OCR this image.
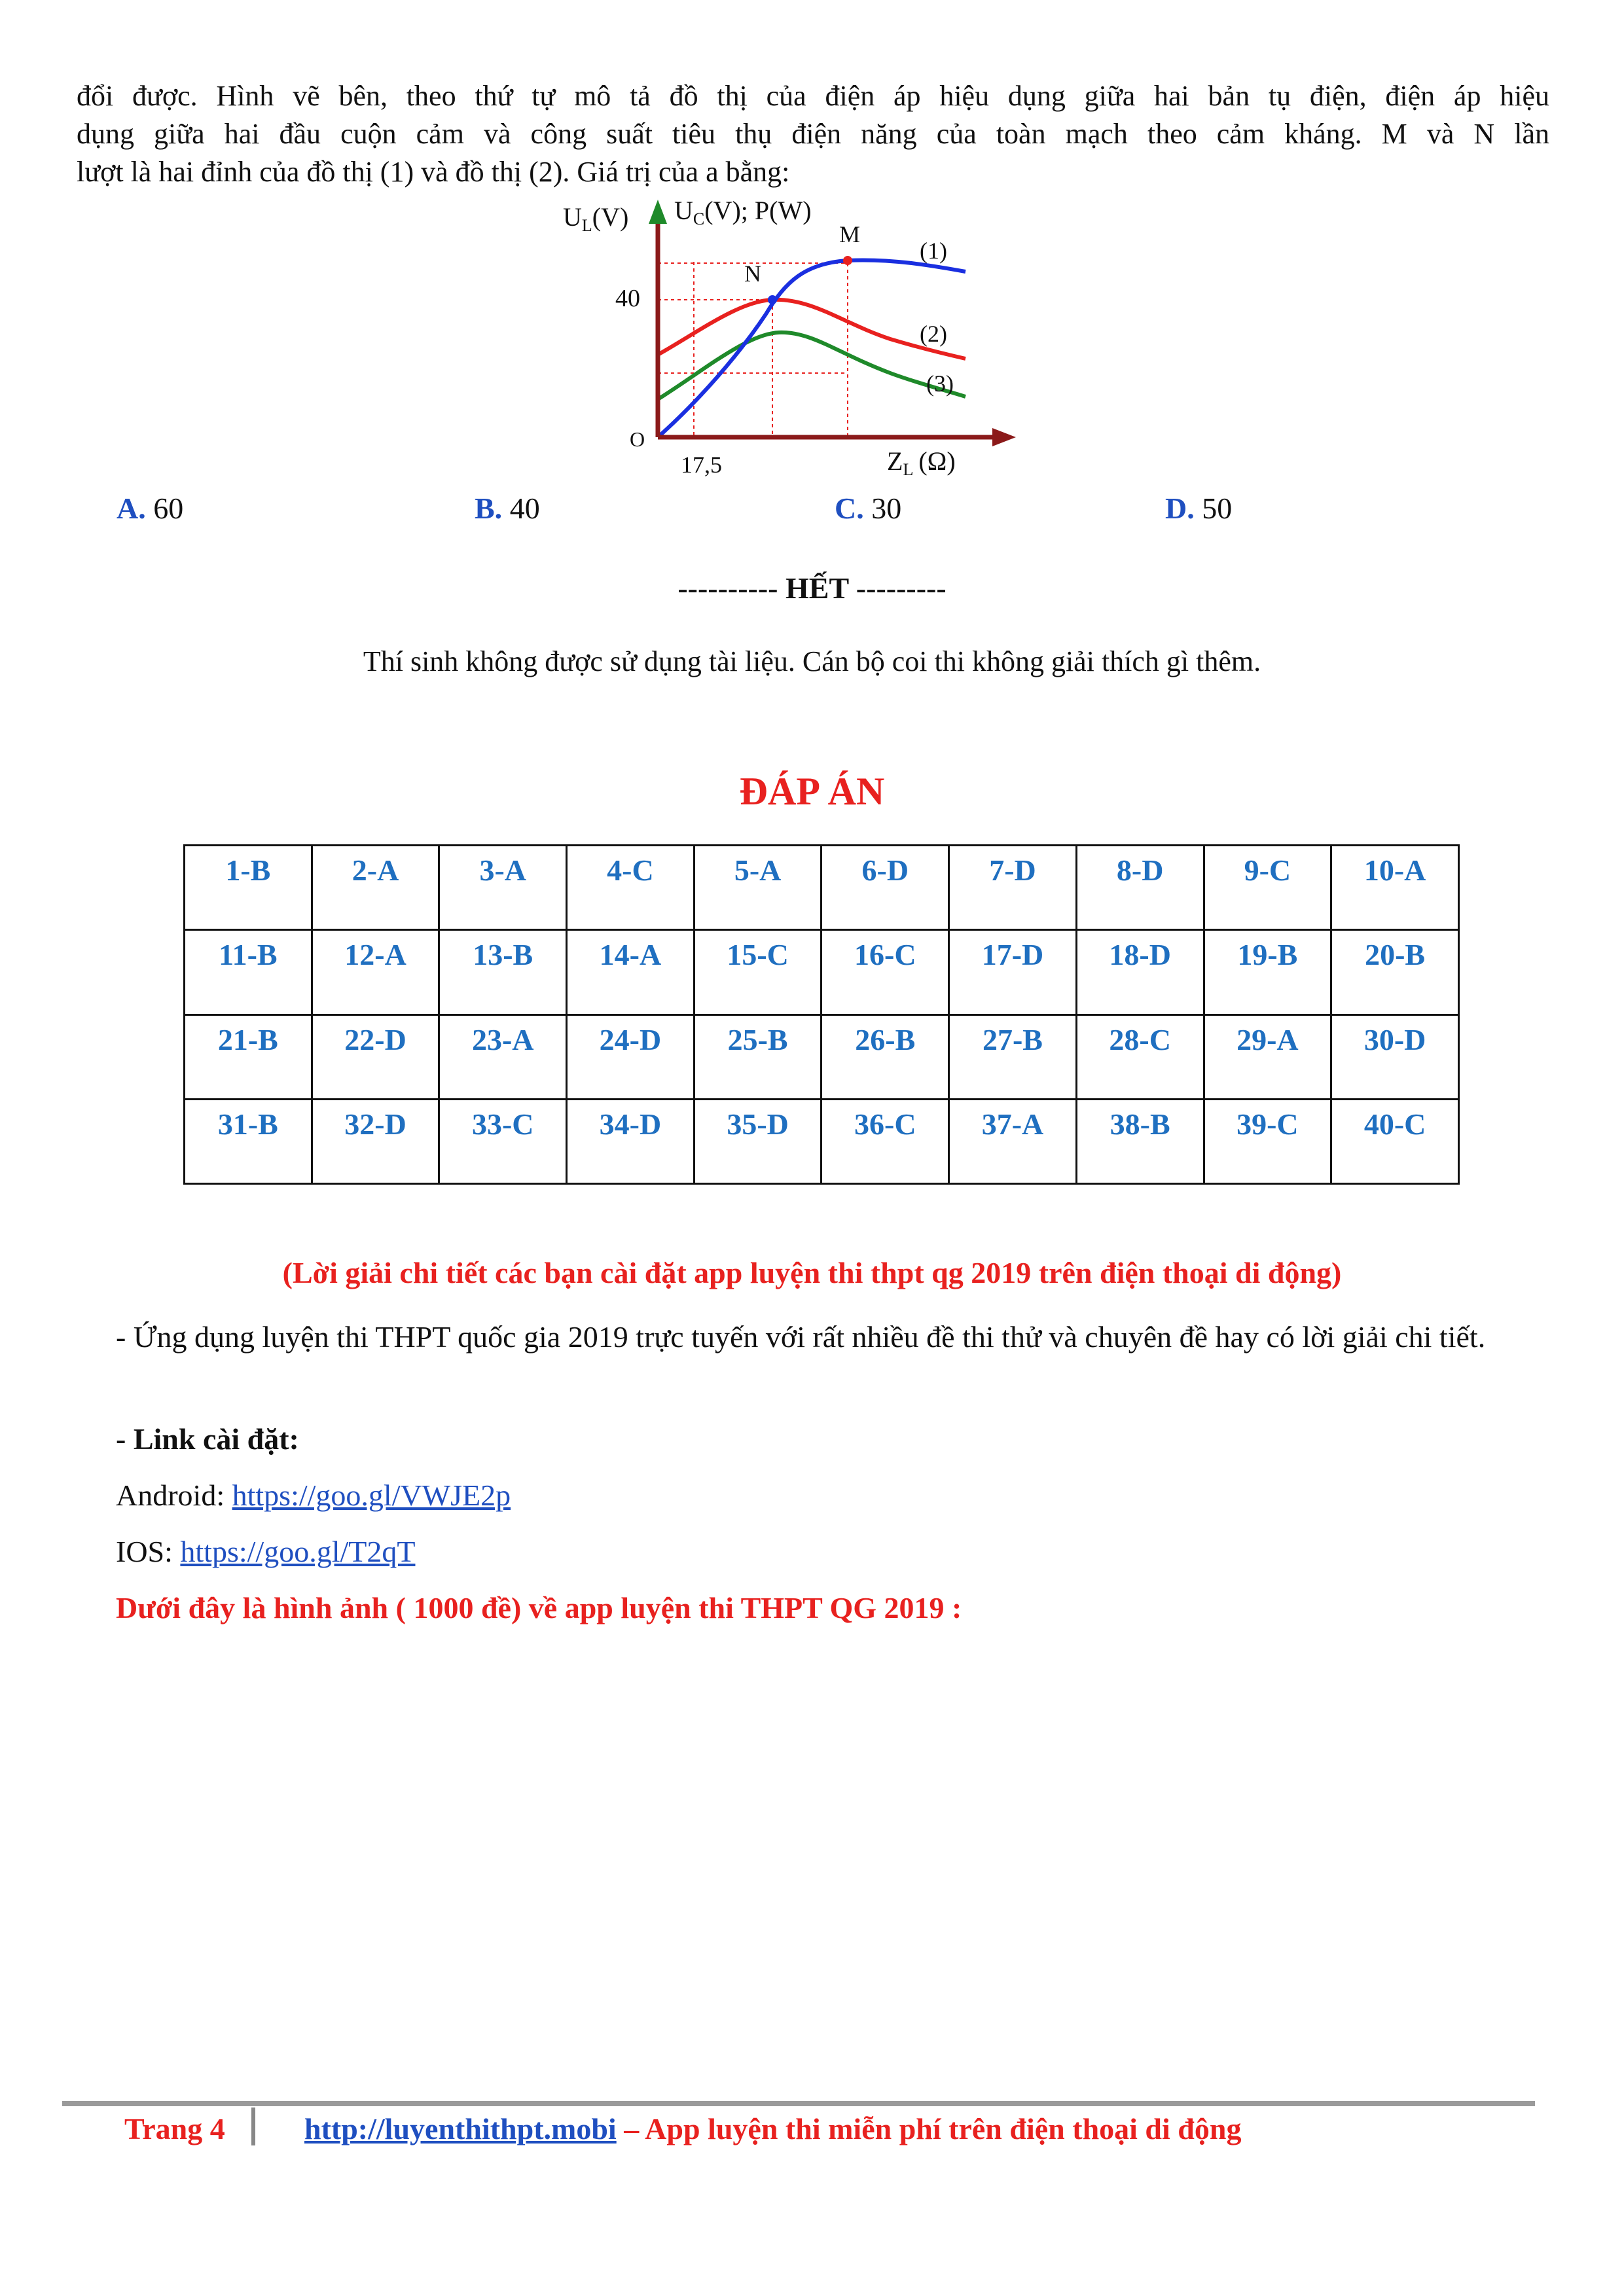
đổi được. Hình vẽ bên, theo thứ tự mô tả đồ thị của điện áp hiệu dụng giữa hai bản tụ điện, điện áp hiệu
dụng giữa hai đầu cuộn cảm và công suất tiêu thụ điện năng của toàn mạch theo cảm kháng. M và N lần
lượt là hai đỉnh của đồ thị (1) và đồ thị (2). Giá trị của a bằng:
$U_L(V)$ $U_C(V)$; P(W)
M
N
40
O
17,5	$Z_L$ (Ω)
(1)
(2)
(3)
A. 60	B. 40	C. 30	D. 50
---------- HẾT ---------
Thí sinh không được sử dụng tài liệu. Cán bộ coi thi không giải thích gì thêm.
ĐÁP ÁN
1-B	2-A	3-A	4-C	5-A	6-D	7-D	8-D	9-C	10-A
11-B	12-A	13-B	14-A	15-C	16-C	17-D	18-D	19-B	20-B
21-B	22-D	23-A	24-D	25-B	26-B	27-B	28-C	29-A	30-D
31-B	32-D	33-C	34-D	35-D	36-C	37-A	38-B	39-C	40-C
(Lời giải chi tiết các bạn cài đặt app luyện thi thpt qg 2019 trên điện thoại di động)
- Ứng dụng luyện thi THPT quốc gia 2019 trực tuyến với rất nhiều đề thi thử và chuyên đề hay có lời giải chi tiết.
- Link cài đặt:
Android: https://goo.gl/VWJE2p
IOS: https://goo.gl/T2qT
Dưới đây là hình ảnh ( 1000 đề) về app luyện thi THPT QG 2019 :
Trang 4	http://luyenthithpt.mobi – App luyện thi miễn phí trên điện thoại di động
